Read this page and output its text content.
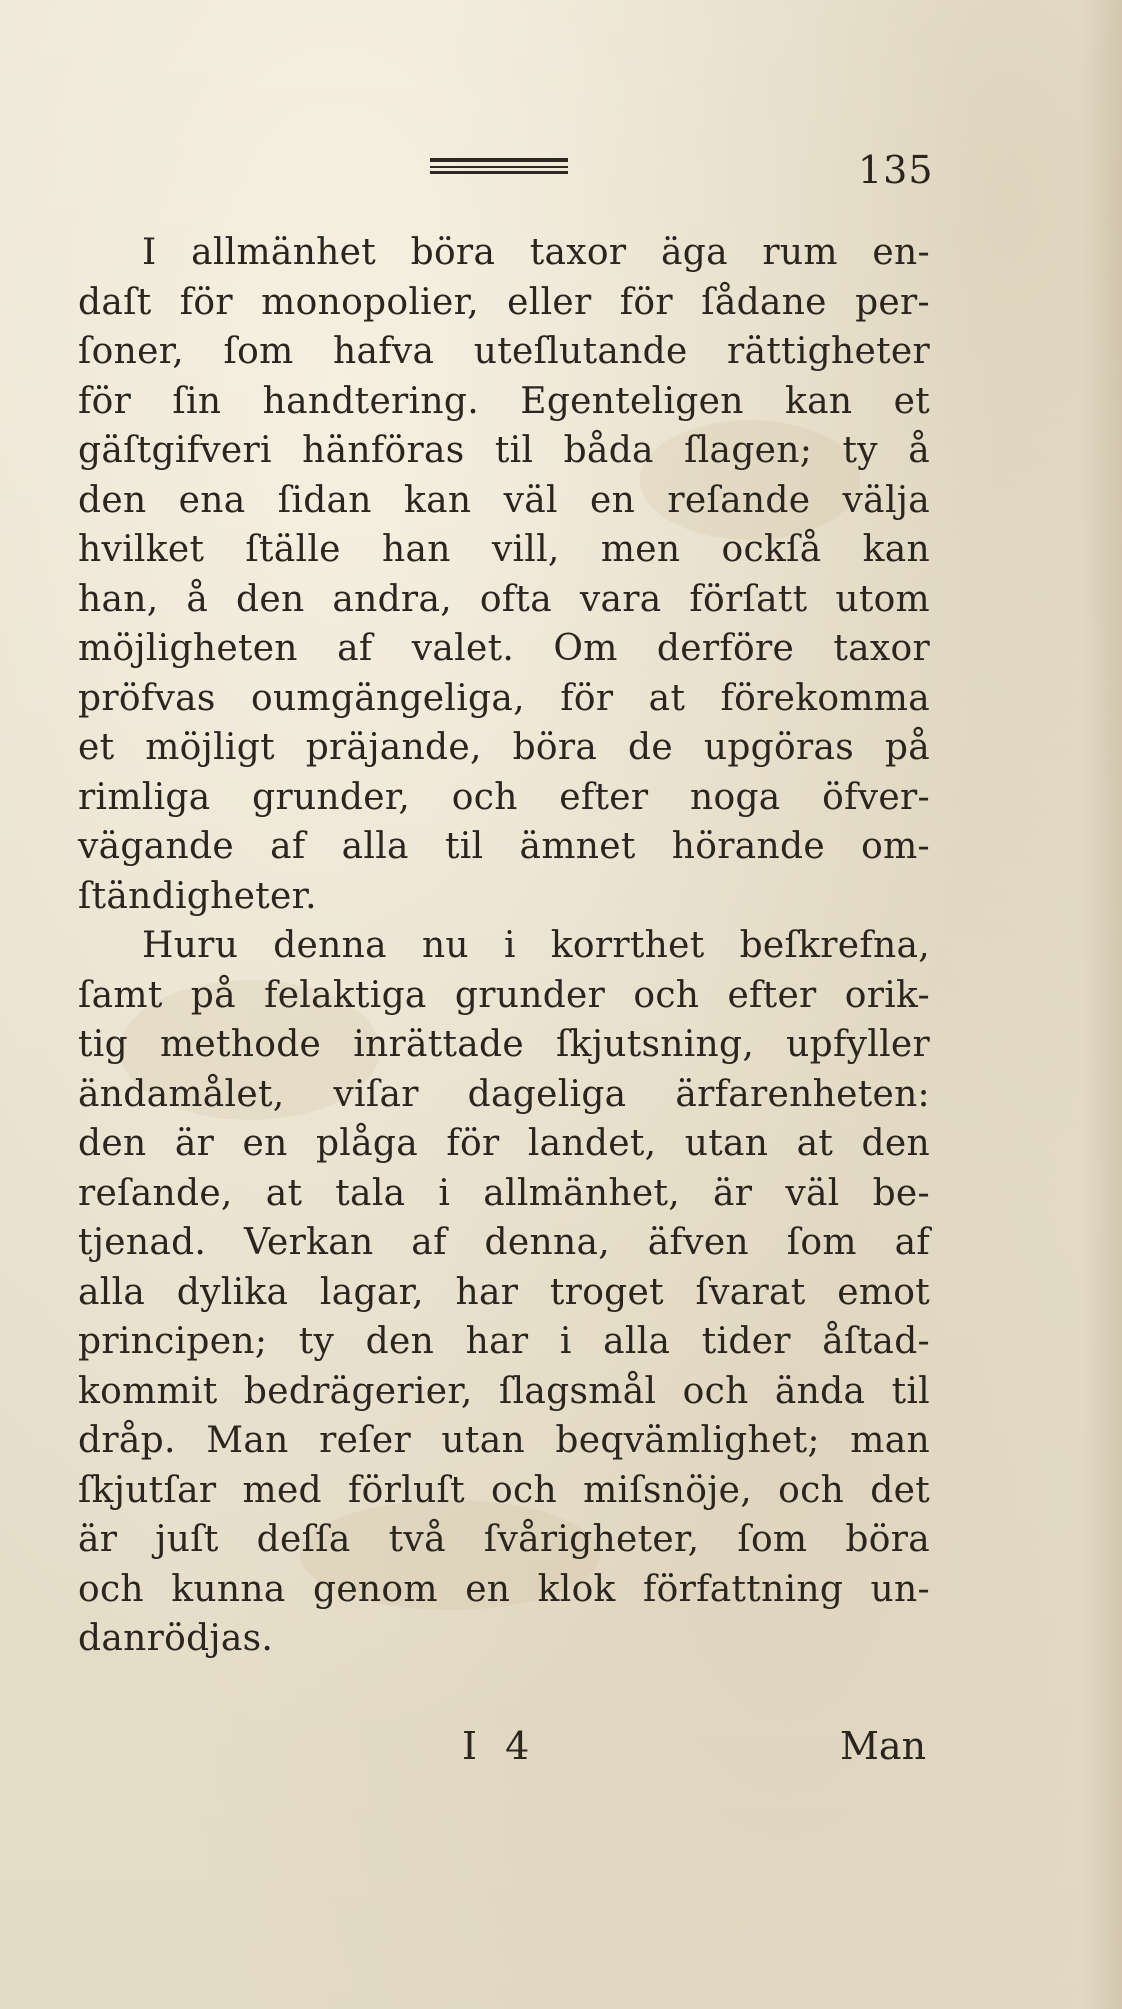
135
I allmänhet böra taxor äga rum en-
daſt för monopolier, eller för ſådane per-
ſoner, ſom hafva uteſlutande rättigheter
för ſin handtering. Egenteligen kan et
gäſtgifveri hänföras til båda ſlagen; ty å
den ena ſidan kan väl en reſande välja
hvilket ſtälle han vill, men ockſå kan
han, å den andra, ofta vara förſatt utom
möjligheten af valet. Om derföre taxor
pröfvas oumgängeliga, för at förekomma
et möjligt präjande, böra de upgöras på
rimliga grunder, och efter noga öfver-
vägande af alla til ämnet hörande om-
ſtändigheter.
Huru denna nu i korrthet beſkrefna,
ſamt på felaktiga grunder och efter orik-
tig methode inrättade ſkjutsning, upfyller
ändamålet, viſar dageliga ärfarenheten:
den är en plåga för landet, utan at den
reſande, at tala i allmänhet, är väl be-
tjenad. Verkan af denna, äfven ſom af
alla dylika lagar, har troget ſvarat emot
principen; ty den har i alla tider åſtad-
kommit bedrägerier, ſlagsmål och ända til
dråp. Man reſer utan beqvämlighet; man
ſkjutſar med förluſt och miſsnöje, och det
är juſt deſſa två ſvårigheter, ſom böra
och kunna genom en klok författning un-
danrödjas.
I 4	Man
